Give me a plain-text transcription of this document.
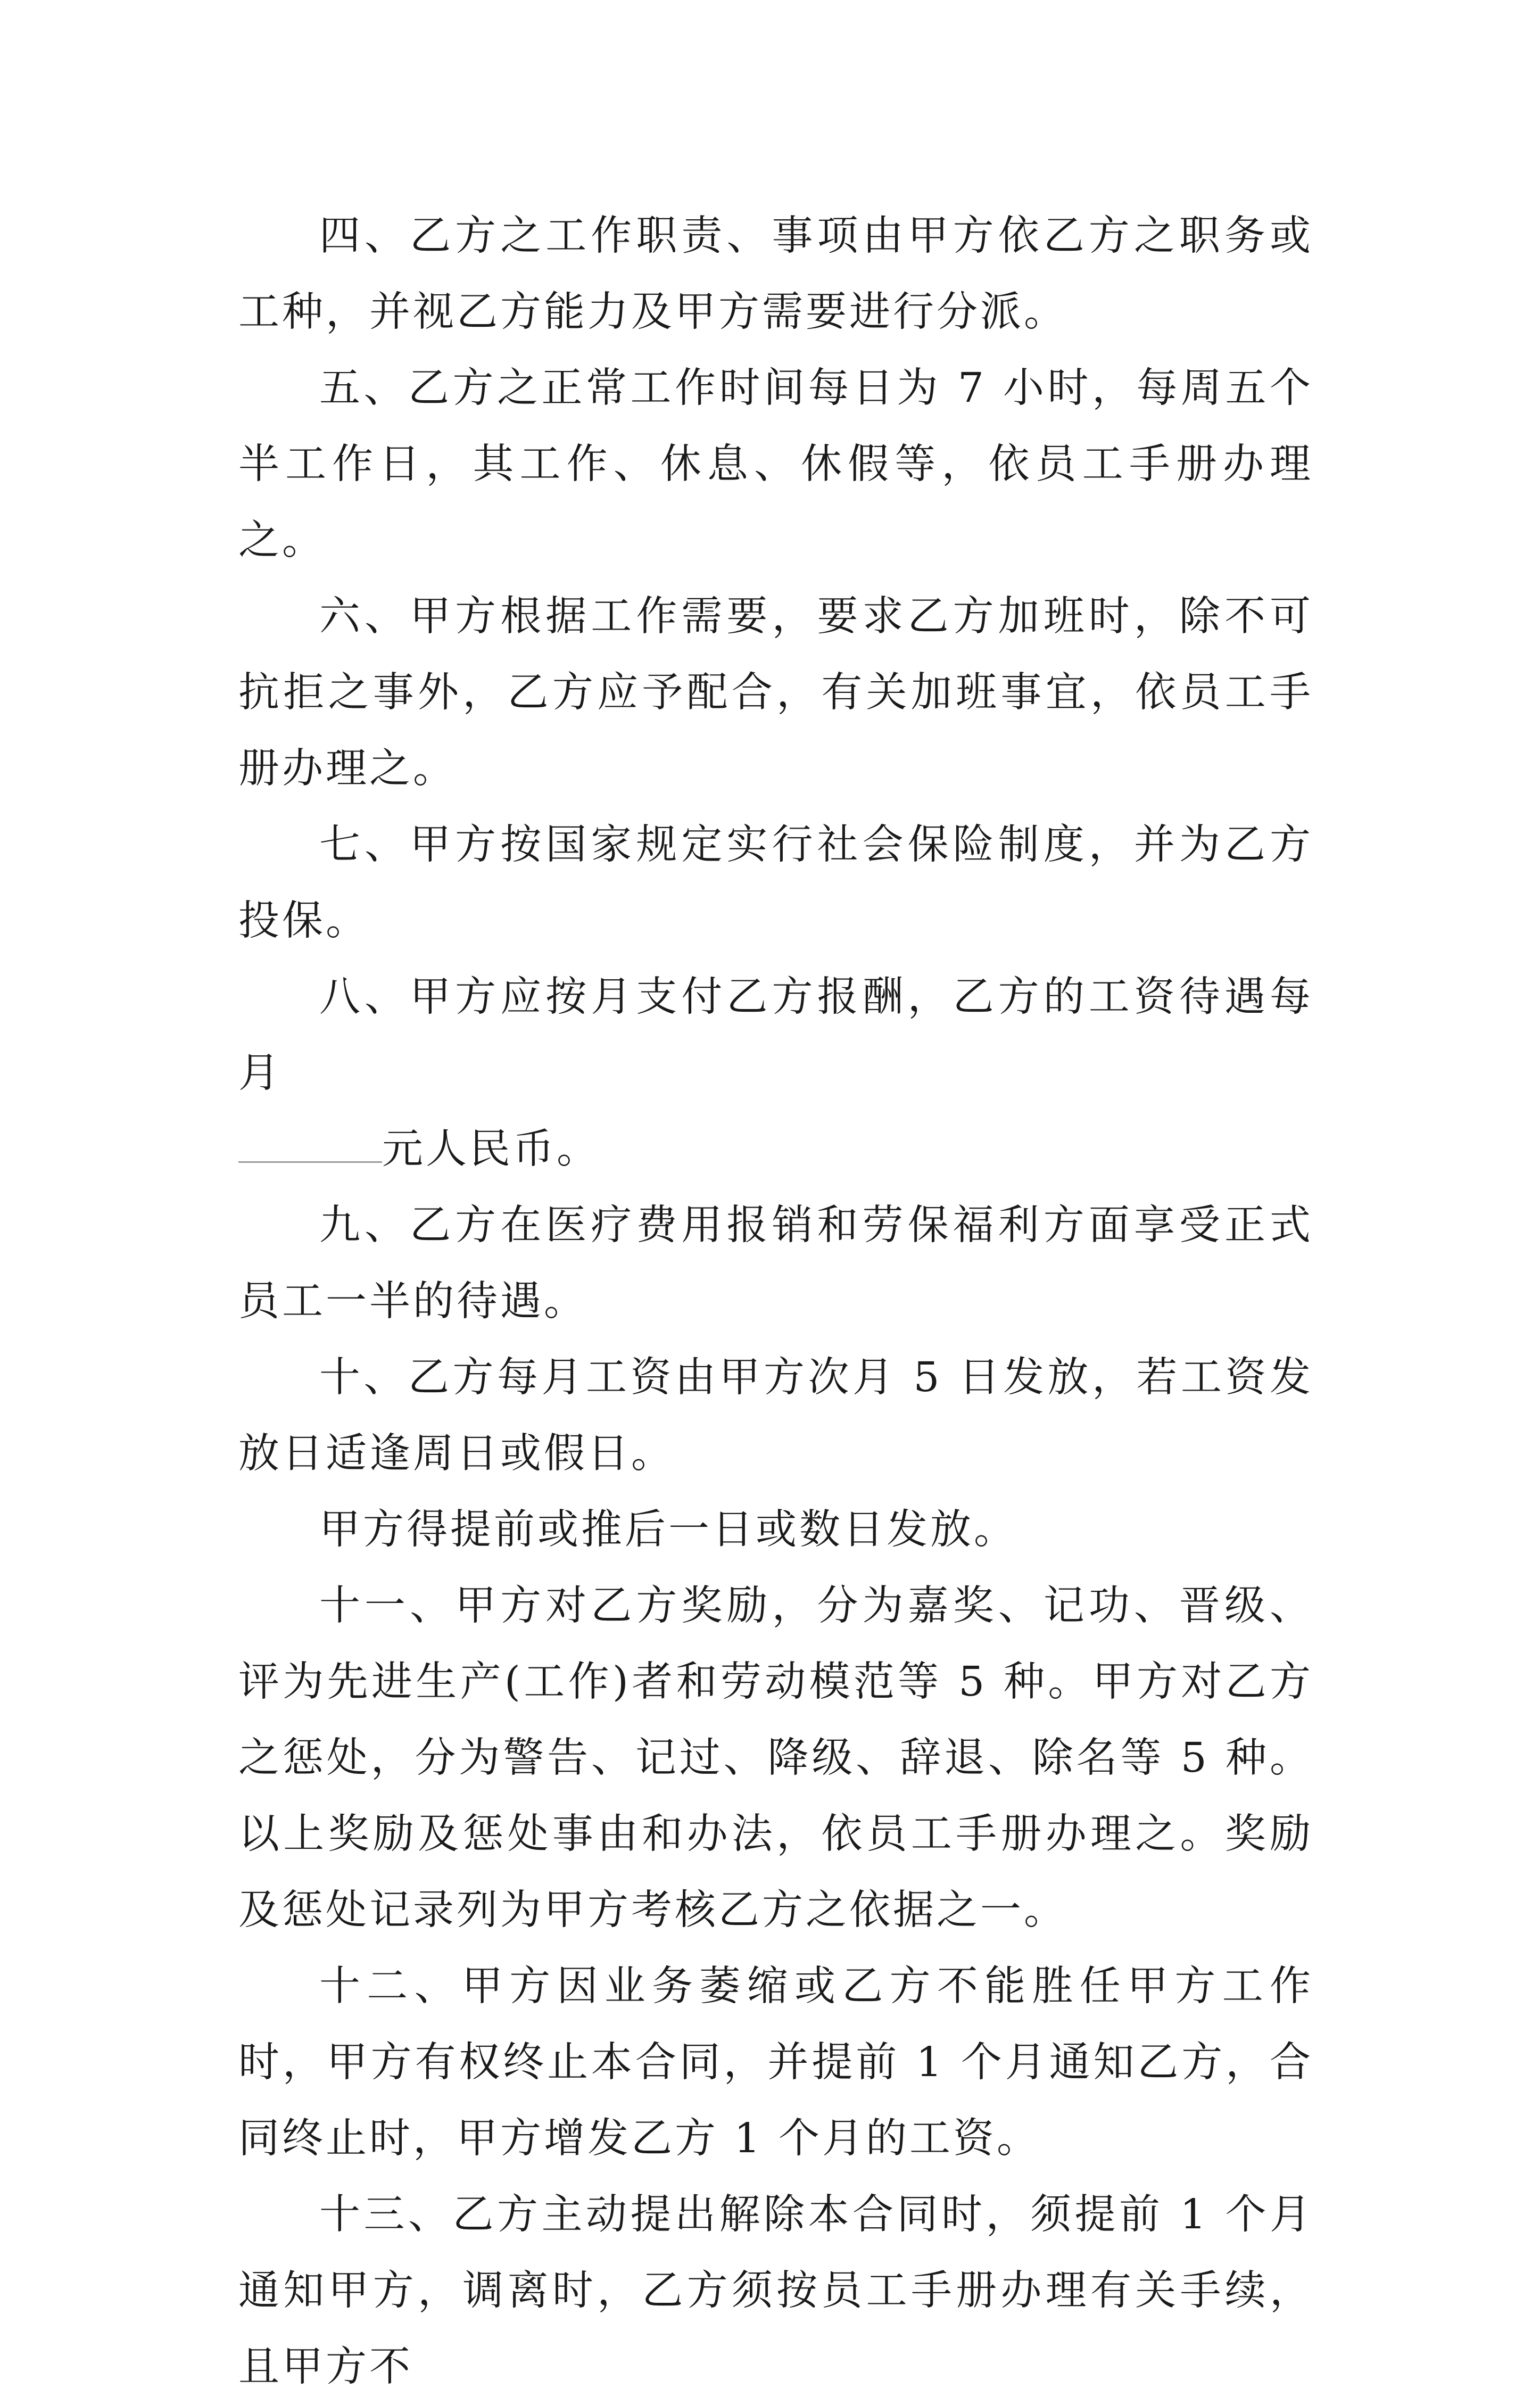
四、乙方之工作职责、事项由甲方依乙方之职务或工种，并视乙方能力及甲方需要进行分派。

五、乙方之正常工作时间每日为 7 小时，每周五个半工作日，其工作、休息、休假等，依员工手册办理之。

六、甲方根据工作需要，要求乙方加班时，除不可抗拒之事外，乙方应予配合，有关加班事宜，依员工手册办理之。

七、甲方按国家规定实行社会保险制度，并为乙方投保。

八、甲方应按月支付乙方报酬，乙方的工资待遇每月

元人民币。

九、乙方在医疗费用报销和劳保福利方面享受正式员工一半的待遇。

十、乙方每月工资由甲方次月 5 日发放，若工资发放日适逢周日或假日。

甲方得提前或推后一日或数日发放。

十一、甲方对乙方奖励，分为嘉奖、记功、晋级、评为先进生产(工作)者和劳动模范等 5 种。甲方对乙方之惩处，分为警告、记过、降级、辞退、除名等 5 种。以上奖励及惩处事由和办法，依员工手册办理之。奖励及惩处记录列为甲方考核乙方之依据之一。

十二、甲方因业务萎缩或乙方不能胜任甲方工作时，甲方有权终止本合同，并提前 1 个月通知乙方，合同终止时，甲方增发乙方 1 个月的工资。

十三、乙方主动提出解除本合同时，须提前 1 个月通知甲方，调离时，乙方须按员工手册办理有关手续，且甲方不
